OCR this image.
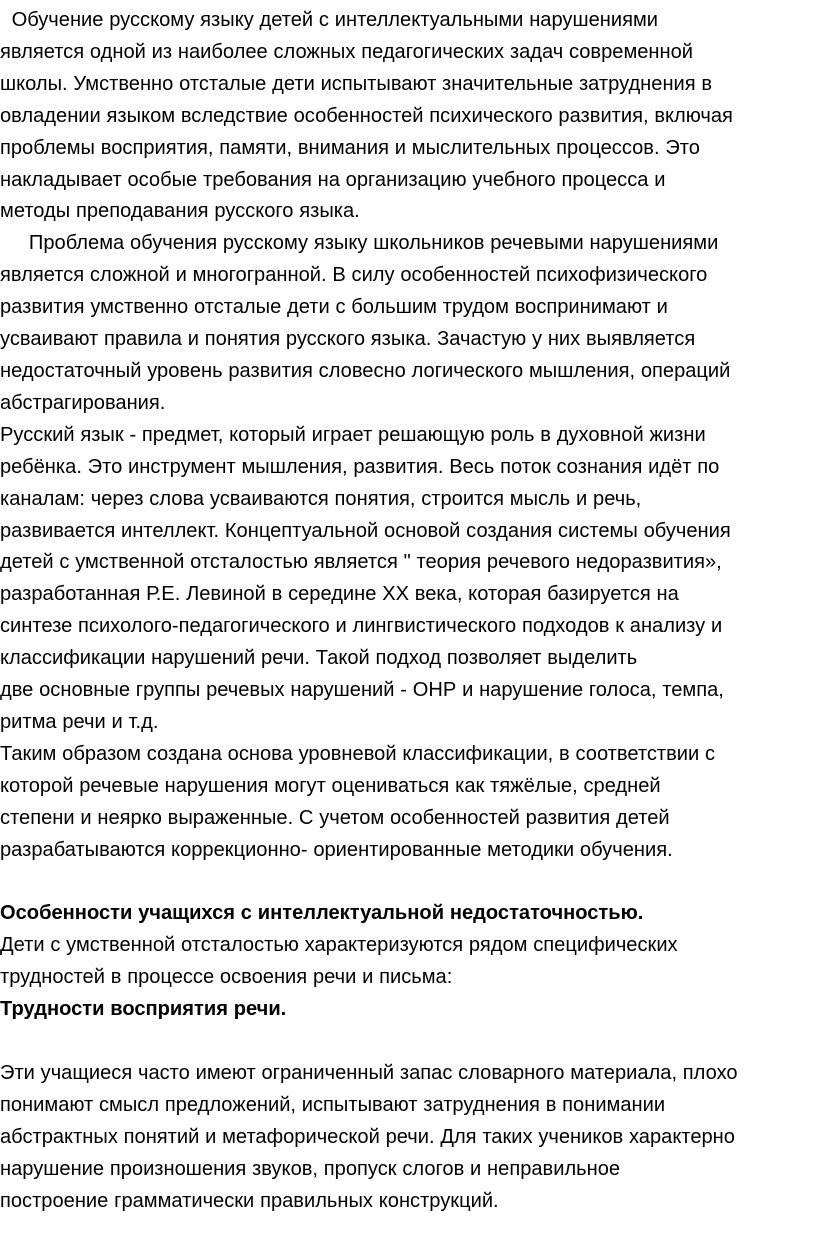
Обучение русскому языку детей с интеллектуальными нарушениями
является одной из наиболее сложных педагогических задач современной
школы. Умственно отсталые дети испытывают значительные затруднения в
овладении языком вследствие особенностей психического развития, включая
проблемы восприятия, памяти, внимания и мыслительных процессов. Это
накладывает особые требования на организацию учебного процесса и
методы преподавания русского языка.

Проблема обучения русскому языку школьников речевыми нарушениями
является сложной и многогранной. В силу особенностей психофизического
развития умственно отсталые дети с большим трудом воспринимают и
усваивают правила и понятия русского языка. Зачастую у них выявляется
недостаточный уровень развития словесно логического мышления, операций
абстрагирования.

Русский язык - предмет, который играет решающую роль в духовной жизни
ребёнка. Это инструмент мышления, развития. Весь поток сознания идёт по
каналам: через слова усваиваются понятия, строится мысль и речь,
развивается интеллект. Концептуальной основой создания системы обучения
детей с умственной отсталостью является " теория речевого недоразвития»,
разработанная Р.Е. Левиной в середине XX века, которая базируется на
синтезе психолого-педагогического и лингвистического подходов к анализу и
классификации нарушений речи. Такой подход позволяет выделить
две основные группы речевых нарушений - ОНР и нарушение голоса, темпа,
ритма речи и т.д.

Таким образом создана основа уровневой классификации, в соответствии с
которой речевые нарушения могут оцениваться как тяжёлые, средней
степени и неярко выраженные. С учетом особенностей развития детей
разрабатываются коррекционно- ориентированные методики обучения.

Особенности учащихся с интеллектуальной недостаточностью.
Дети с умственной отсталостью характеризуются рядом специфических
трудностей в процессе освоения речи и письма:
Трудности восприятия речи.

Эти учащиеся часто имеют ограниченный запас словарного материала, плохо
понимают смысл предложений, испытывают затруднения в понимании
абстрактных понятий и метафорической речи. Для таких учеников характерно
нарушение произношения звуков, пропуск слогов и неправильное
построение грамматически правильных конструкций.
